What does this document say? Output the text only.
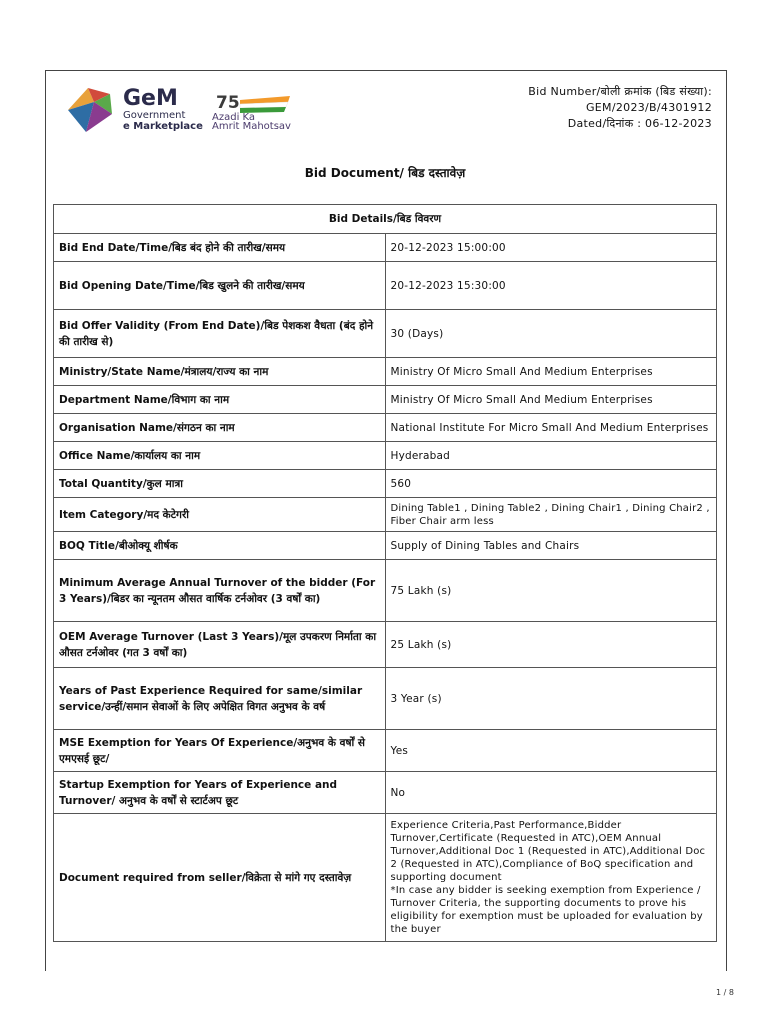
GeM
Government
e Marketplace
75
Azadi Ka
Amrit Mahotsav
Bid Number/बोली क्रमांक (बिड संख्या):
GEM/2023/B/4301912
Dated/दिनांक : 06-12-2023
Bid Document/ बिड दस्तावेज़
Bid Details/बिड विवरण	
Bid End Date/Time/बिड बंद होने की तारीख/समय	20-12-2023 15:00:00
Bid Opening Date/Time/बिड खुलने की तारीख/समय	20-12-2023 15:30:00
Bid Offer Validity (From End Date)/बिड पेशकश वैधता (बंद होने की तारीख से)	30 (Days)
Ministry/State Name/मंत्रालय/राज्य का नाम	Ministry Of Micro Small And Medium Enterprises
Department Name/विभाग का नाम	Ministry Of Micro Small And Medium Enterprises
Organisation Name/संगठन का नाम	National Institute For Micro Small And Medium Enterprises
Office Name/कार्यालय का नाम	Hyderabad
Total Quantity/कुल मात्रा	560
Item Category/मद केटेगरी	Dining Table1 , Dining Table2 , Dining Chair1 , Dining Chair2 , Fiber Chair arm less
BOQ Title/बीओक्यू शीर्षक	Supply of Dining Tables and Chairs
Minimum Average Annual Turnover of the bidder (For 3 Years)/बिडर का न्यूनतम औसत वार्षिक टर्नओवर (3 वर्षों का)	75 Lakh (s)
OEM Average Turnover (Last 3 Years)/मूल उपकरण निर्माता का औसत टर्नओवर (गत 3 वर्षों का)	25 Lakh (s)
Years of Past Experience Required for same/similar service/उन्हीं/समान सेवाओं के लिए अपेक्षित विगत अनुभव के वर्ष	3 Year (s)
MSE Exemption for Years Of Experience/अनुभव के वर्षों से एमएसई छूट/	Yes
Startup Exemption for Years of Experience and Turnover/ अनुभव के वर्षों से स्टार्टअप छूट	No
Document required from seller/विक्रेता से मांगे गए दस्तावेज़	Experience Criteria,Past Performance,Bidder Turnover,Certificate (Requested in ATC),OEM Annual Turnover,Additional Doc 1 (Requested in ATC),Additional Doc 2 (Requested in ATC),Compliance of BoQ specification and supporting document
*In case any bidder is seeking exemption from Experience / Turnover Criteria, the supporting documents to prove his eligibility for exemption must be uploaded for evaluation by the buyer
1 / 8
